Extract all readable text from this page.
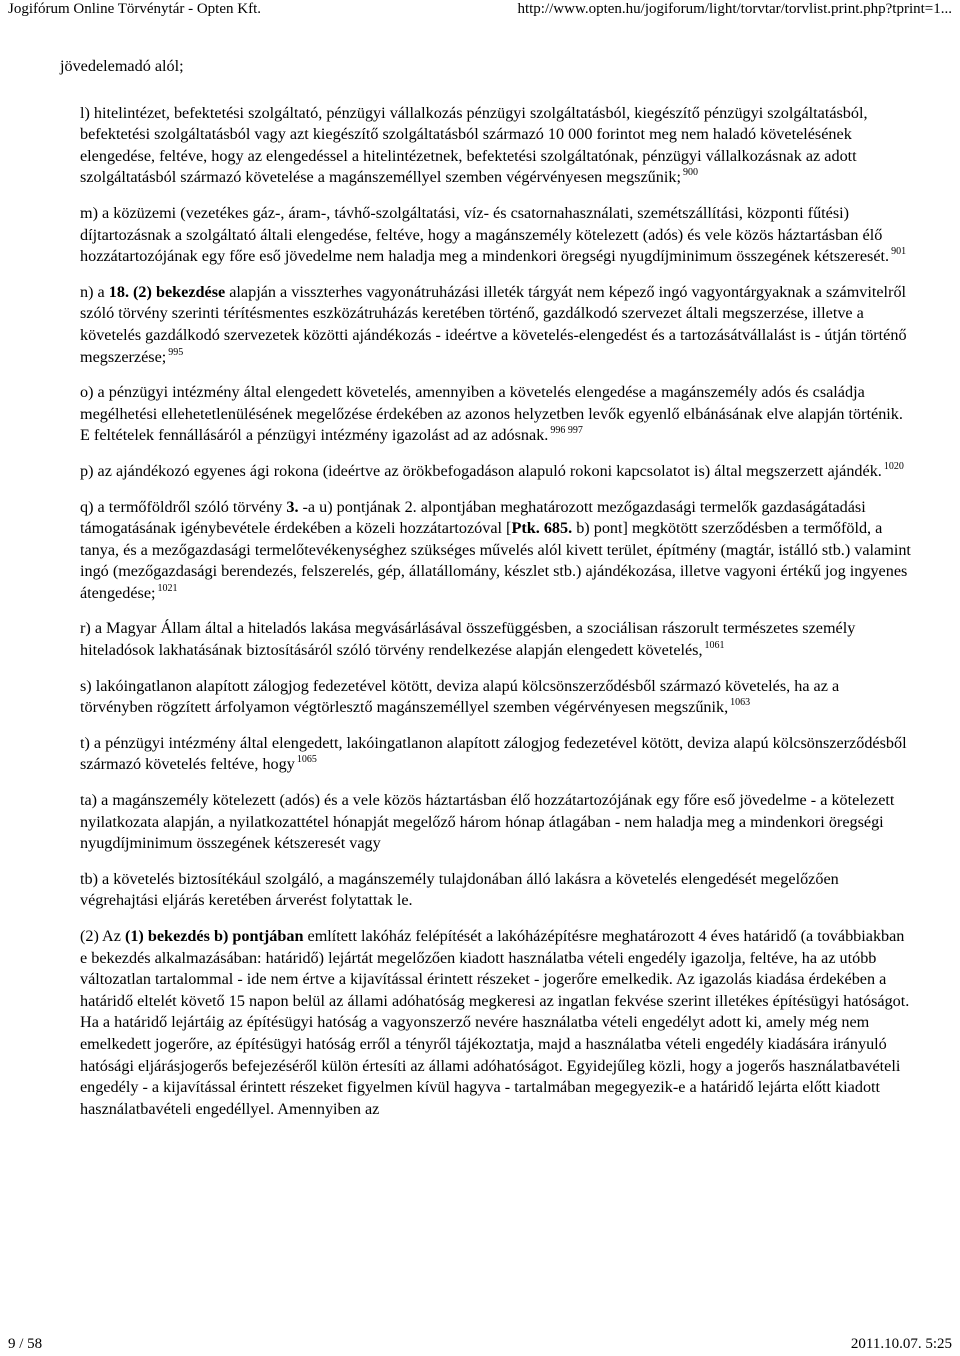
Jogifórum Online Törvénytár - Opten Kft.	http://www.opten.hu/jogiforum/light/torvtar/torvlist.print.php?tprint=1...

jövedelemadó alól;

l) hitelintézet, befektetési szolgáltató, pénzügyi vállalkozás pénzügyi szolgáltatásból, kiegészítő pénzügyi szolgáltatásból, befektetési szolgáltatásból vagy azt kiegészítő szolgáltatásból származó 10 000 forintot meg nem haladó követelésének elengedése, feltéve, hogy az elengedéssel a hitelintézetnek, befektetési szolgáltatónak, pénzügyi vállalkozásnak az adott szolgáltatásból származó követelése a magánszeméllyel szemben végérvényesen megszűnik; $^{900}$

m) a közüzemi (vezetékes gáz-, áram-, távhő-szolgáltatási, víz- és csatornahasználati, szemétszállítási, központi fűtési) díjtartozásnak a szolgáltató általi elengedése, feltéve, hogy a magánszemély kötelezett (adós) és vele közös háztartásban élő hozzátartozójának egy főre eső jövedelme nem haladja meg a mindenkori öregségi nyugdíjminimum összegének kétszeresét. $^{901}$

n) a 18. (2) bekezdése alapján a visszterhes vagyonátruházási illeték tárgyát nem képező ingó vagyontárgyaknak a számvitelről szóló törvény szerinti térítésmentes eszközátruházás keretében történő, gazdálkodó szervezet általi megszerzése, illetve a követelés gazdálkodó szervezetek közötti ajándékozás - ideértve a követelés-elengedést és a tartozásátvállalást is - útján történő megszerzése; $^{995}$

o) a pénzügyi intézmény által elengedett követelés, amennyiben a követelés elengedése a magánszemély adós és családja megélhetési ellehetetlenülésének megelőzése érdekében az azonos helyzetben levők egyenlő elbánásának elve alapján történik. E feltételek fennállásáról a pénzügyi intézmény igazolást ad az adósnak. $^{996 997}$

p) az ajándékozó egyenes ági rokona (ideértve az örökbefogadáson alapuló rokoni kapcsolatot is) által megszerzett ajándék. $^{1020}$

q) a termőföldről szóló törvény 3. -a u) pontjának 2. alpontjában meghatározott mezőgazdasági termelők gazdaságátadási támogatásának igénybevétele érdekében a közeli hozzátartozóval [Ptk. 685. b) pont] megkötött szerződésben a termőföld, a tanya, és a mezőgazdasági termelőtevékenységhez szükséges művelés alól kivett terület, építmény (magtár, istálló stb.) valamint ingó (mezőgazdasági berendezés, felszerelés, gép, állatállomány, készlet stb.) ajándékozása, illetve vagyoni értékű jog ingyenes átengedése; $^{1021}$

r) a Magyar Állam által a hiteladós lakása megvásárlásával összefüggésben, a szociálisan rászorult természetes személy hiteladósok lakhatásának biztosításáról szóló törvény rendelkezése alapján elengedett követelés, $^{1061}$

s) lakóingatlanon alapított zálogjog fedezetével kötött, deviza alapú kölcsönszerződésből származó követelés, ha az a törvényben rögzített árfolyamon végtörlesztő magánszeméllyel szemben végérvényesen megszűnik, $^{1063}$

t) a pénzügyi intézmény által elengedett, lakóingatlanon alapított zálogjog fedezetével kötött, deviza alapú kölcsönszerződésből származó követelés feltéve, hogy $^{1065}$

ta) a magánszemély kötelezett (adós) és a vele közös háztartásban élő hozzátartozójának egy főre eső jövedelme - a kötelezett nyilatkozata alapján, a nyilatkozattétel hónapját megelőző három hónap átlagában - nem haladja meg a mindenkori öregségi nyugdíjminimum összegének kétszeresét vagy

tb) a követelés biztosítékául szolgáló, a magánszemély tulajdonában álló lakásra a követelés elengedését megelőzően végrehajtási eljárás keretében árverést folytattak le.

(2) Az (1) bekezdés b) pontjában említett lakóház felépítését a lakóházépítésre meghatározott 4 éves határidő (a továbbiakban e bekezdés alkalmazásában: határidő) lejártát megelőzően kiadott használatba vételi engedély igazolja, feltéve, ha az utóbb változatlan tartalommal - ide nem értve a kijavítással érintett részeket - jogerőre emelkedik. Az igazolás kiadása érdekében a határidő eltelét követő 15 napon belül az állami adóhatóság megkeresi az ingatlan fekvése szerint illetékes építésügyi hatóságot. Ha a határidő lejártáig az építésügyi hatóság a vagyonszerző nevére használatba vételi engedélyt adott ki, amely még nem emelkedett jogerőre, az építésügyi hatóság erről a tényről tájékoztatja, majd a használatba vételi engedély kiadására irányuló hatósági eljárásjogerős befejezéséről külön értesíti az állami adóhatóságot. Egyidejűleg közli, hogy a jogerős használatbavételi engedély - a kijavítással érintett részeket figyelmen kívül hagyva - tartalmában megegyezik-e a határidő lejárta előtt kiadott használatbavételi engedéllyel. Amennyiben az

9 / 58	2011.10.07. 5:25
